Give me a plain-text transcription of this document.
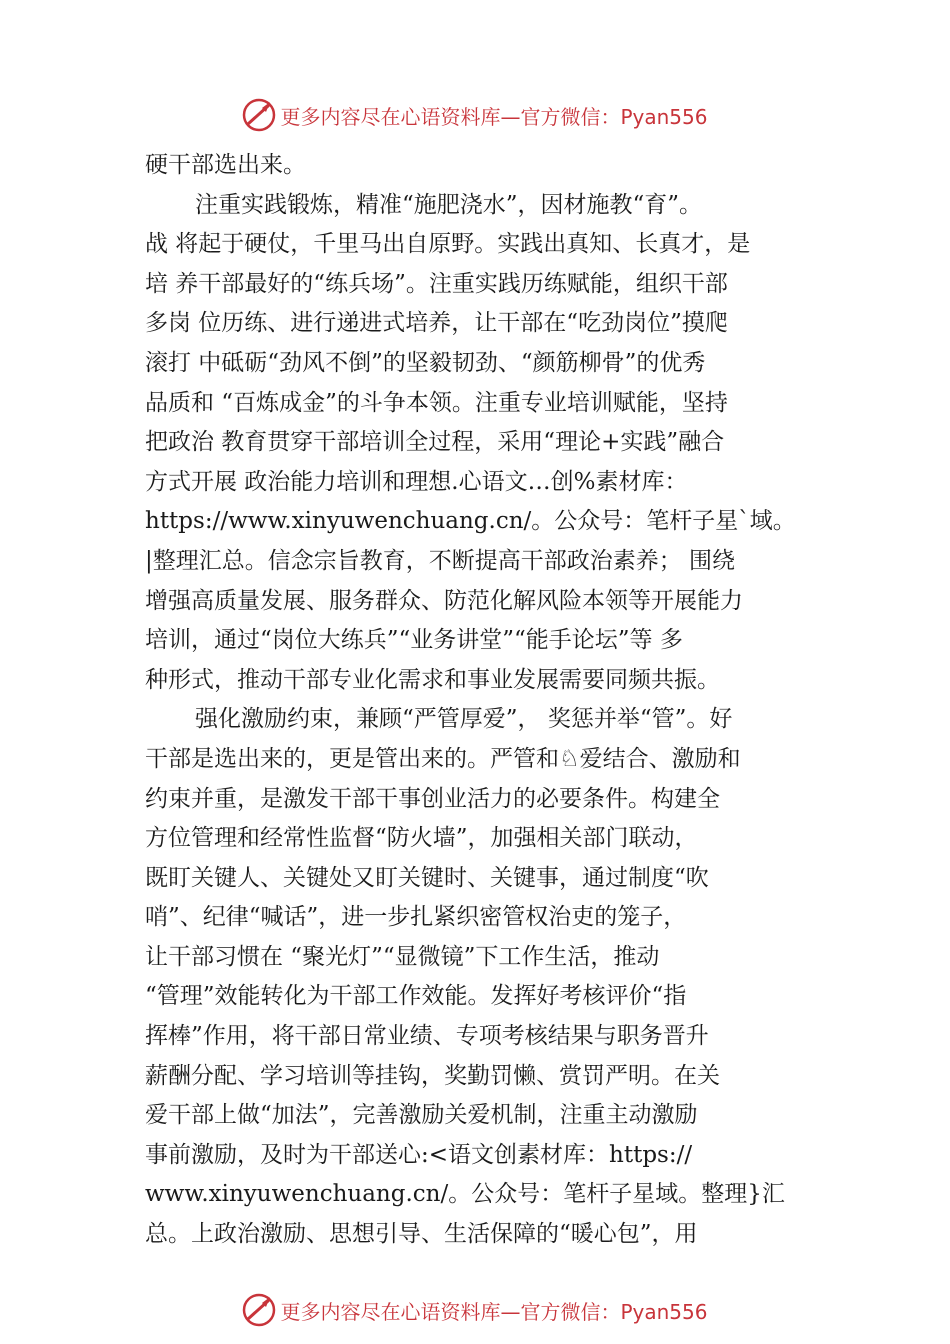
更多内容尽在心语资料库—官方微信：Pyan556
硬干部选出来。
注重实践锻炼，精准“施肥浇水”，因材施教“育”。
战 将起于硬仗，千里马出自原野。实践出真知、长真才，是
培 养干部最好的“练兵场”。注重实践历练赋能，组织干部
多岗 位历练、进行递进式培养，让干部在“吃劲岗位”摸爬
滚打 中砥砺“劲风不倒”的坚毅韧劲、“颜筋柳骨”的优秀
品质和 “百炼成金”的斗争本领。注重专业培训赋能，坚持
把政治 教育贯穿干部培训全过程，采用“理论+实践”融合
方式开展 政治能力培训和理想.心语文…创%素材库：
https://www.xinyuwenchuang.cn/。公众号：笔杆子星`域。
|整理汇总。信念宗旨教育，不断提高干部政治素养； 围绕
增强高质量发展、服务群众、防范化解风险本领等开展能力
培训，通过“岗位大练兵”“业务讲堂”“能手论坛”等 多
种形式，推动干部专业化需求和事业发展需要同频共振。
强化激励约束，兼顾“严管厚爱”， 奖惩并举“管”。好
干部是选出来的，更是管出来的。严管和♘爱结合、激励和
约束并重，是激发干部干事创业活力的必要条件。构建全
方位管理和经常性监督“防火墙”，加强相关部门联动，
既盯关键人、关键处又盯关键时、关键事，通过制度“吹
哨”、纪律“喊话”，进一步扎紧织密管权治吏的笼子，
让干部习惯在 “聚光灯”“显微镜”下工作生活，推动
“管理”效能转化为干部工作效能。发挥好考核评价“指
挥棒”作用，将干部日常业绩、专项考核结果与职务晋升
薪酬分配、学习培训等挂钩，奖勤罚懒、赏罚严明。在关
爱干部上做“加法”，完善激励关爱机制，注重主动激励
事前激励，及时为干部送心:<语文创素材库：https://
www.xinyuwenchuang.cn/。公众号：笔杆子星域。整理}汇
总。上政治激励、思想引导、生活保障的“暖心包”，用
更多内容尽在心语资料库—官方微信：Pyan556
